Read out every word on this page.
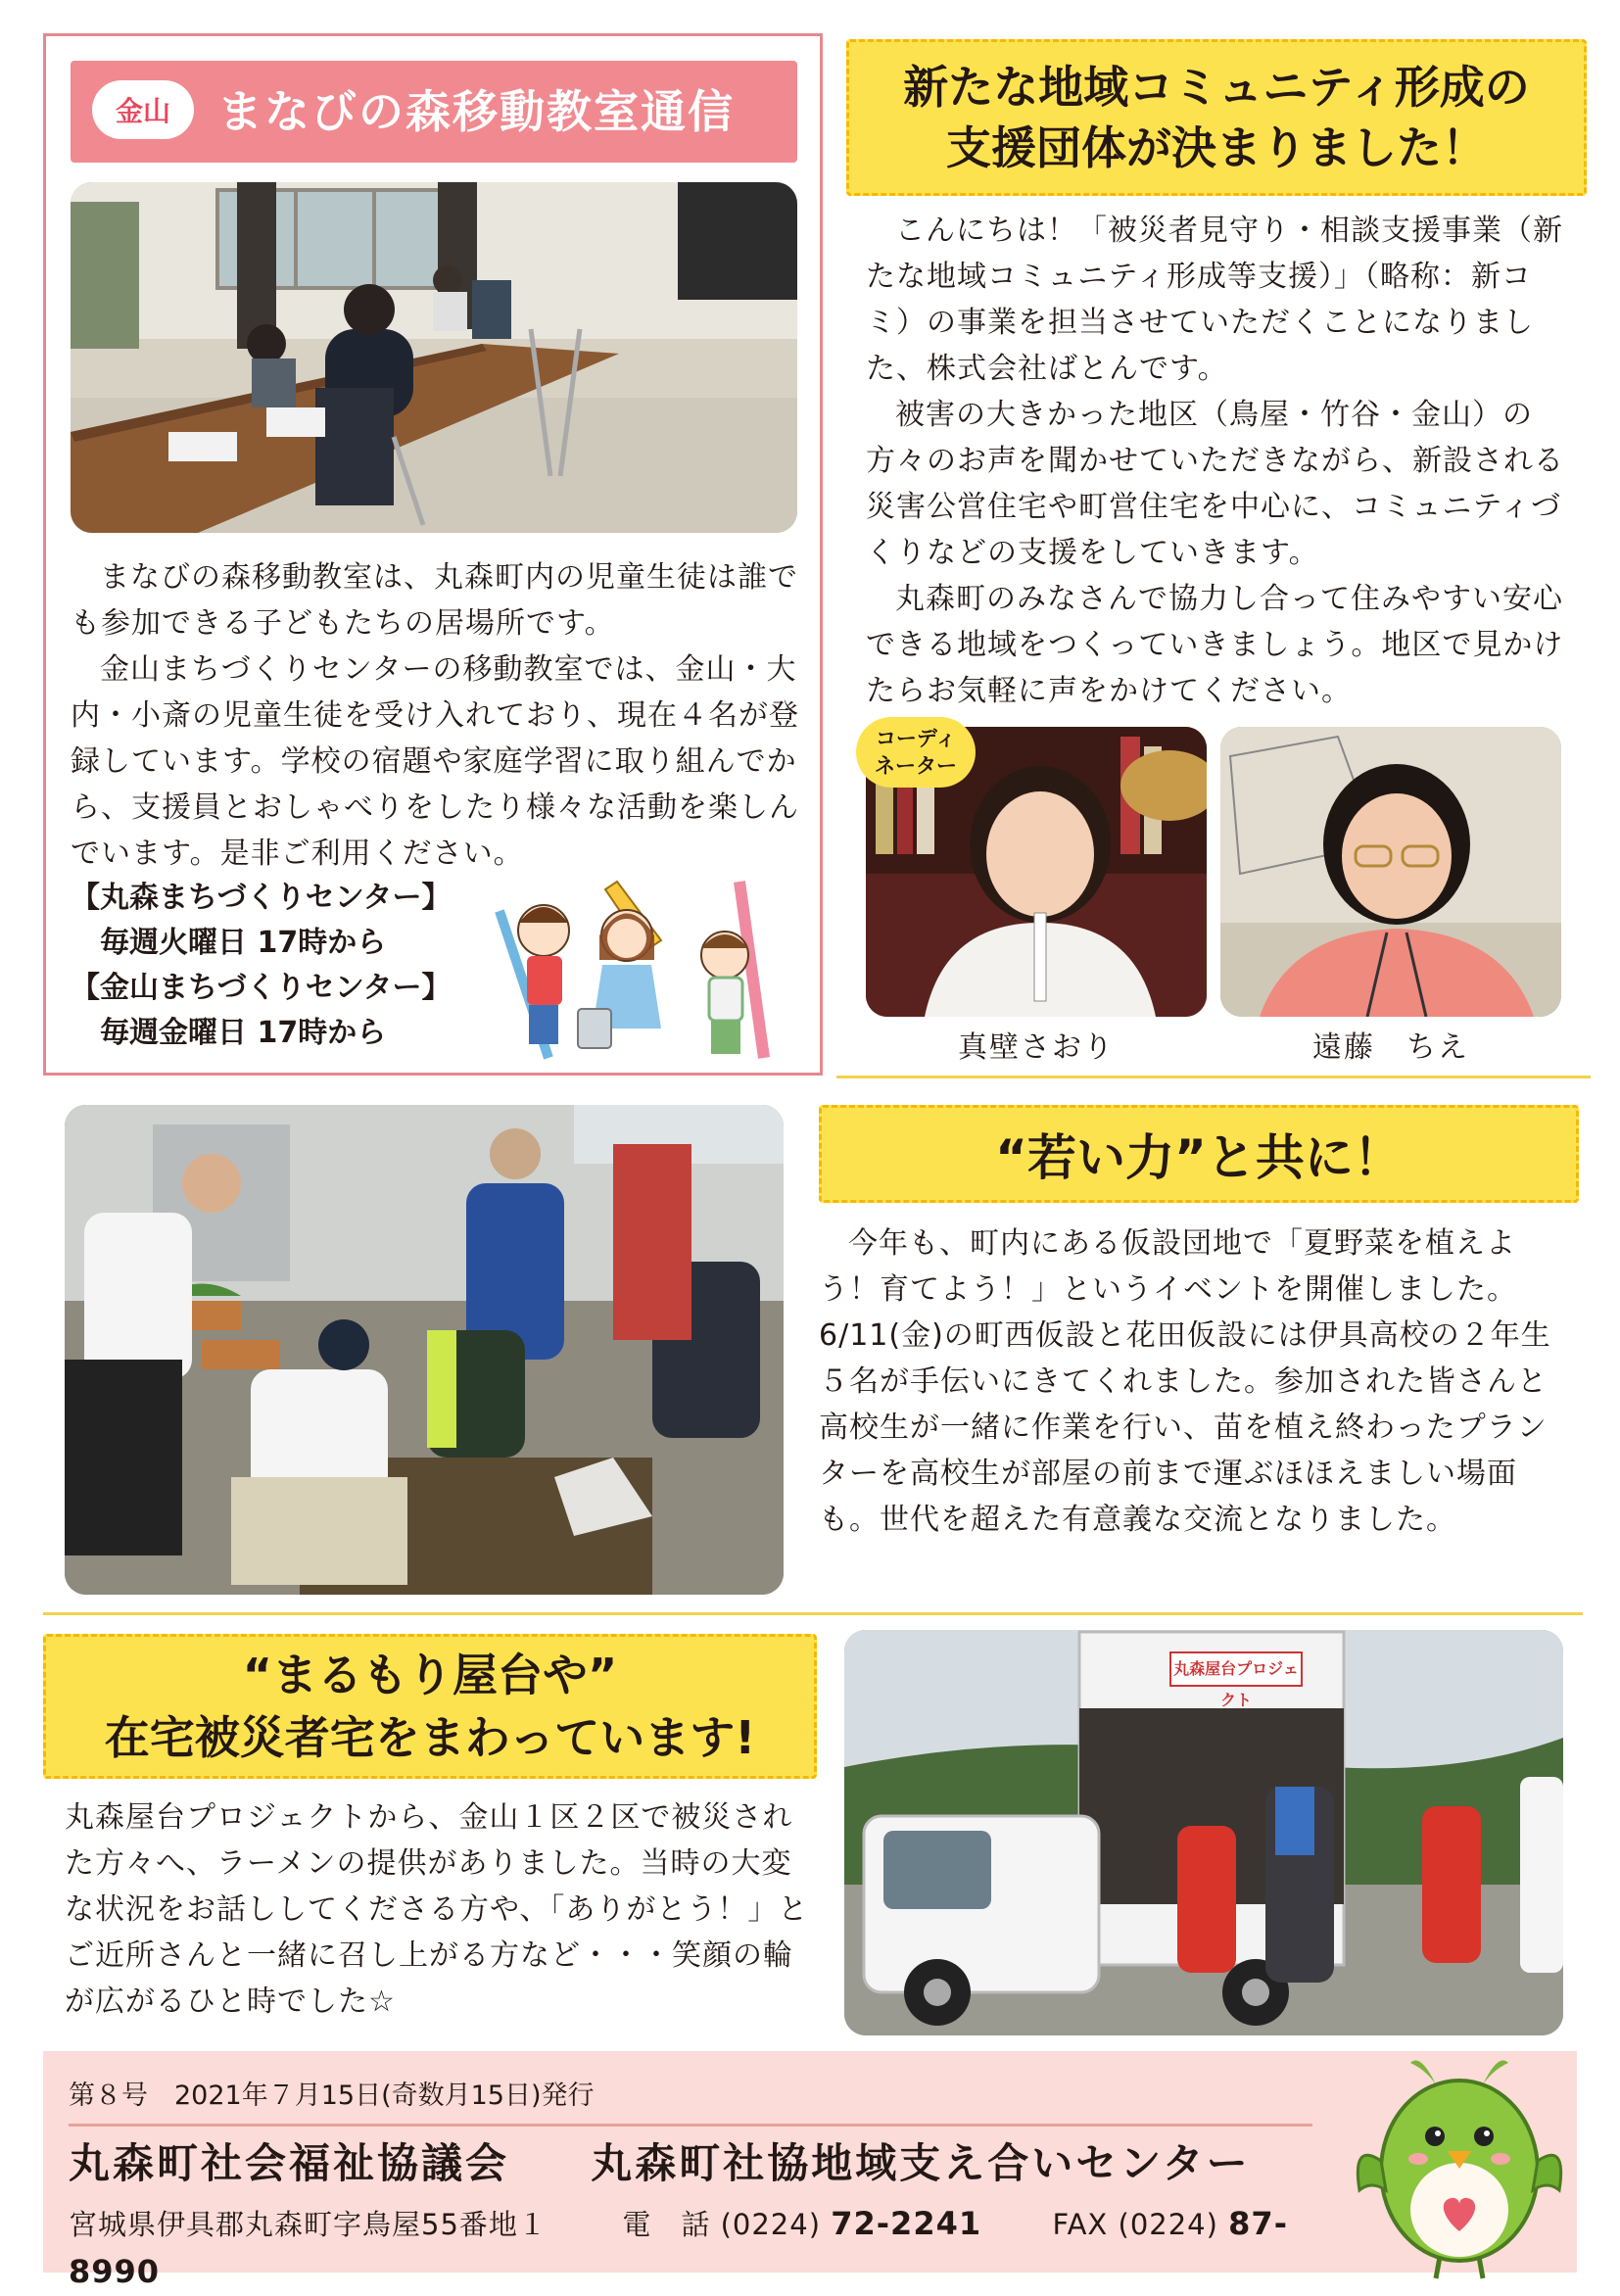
金山	まなびの森移動教室通信

まなびの森移動教室は、丸森町内の児童生徒は誰でも参加できる子どもたちの居場所です。

金山まちづくりセンターの移動教室では、金山・大内・小斎の児童生徒を受け入れており、現在４名が登録しています。学校の宿題や家庭学習に取り組んでから、支援員とおしゃべりをしたり様々な活動を楽しんでいます。是非ご利用ください。

【丸森まちづくりセンター】

毎週火曜日 17時から

【金山まちづくりセンター】

毎週金曜日 17時から

新たな地域コミュニティ形成の
支援団体が決まりました！

こんにちは！「被災者見守り・相談支援事業（新たな地域コミュニティ形成等支援）」（略称：新コミ）の事業を担当させていただくことになりました、株式会社ばとんです。

被害の大きかった地区（鳥屋・竹谷・金山）の方々のお声を聞かせていただきながら、新設される災害公営住宅や町営住宅を中心に、コミュニティづくりなどの支援をしていきます。

丸森町のみなさんで協力し合って住みやすい安心できる地域をつくっていきましょう。地区で見かけたらお気軽に声をかけてください。

コーディ
ネーター
真壁さおり	遠藤　ちえ
“若い力”と共に！

今年も、町内にある仮設団地で「夏野菜を植えよう！育てよう！」というイベントを開催しました。6/11(金)の町西仮設と花田仮設には伊具高校の２年生５名が手伝いにきてくれました。参加された皆さんと高校生が一緒に作業を行い、苗を植え終わったプランターを高校生が部屋の前まで運ぶほほえましい場面も。世代を超えた有意義な交流となりました。

“まるもり屋台や”
在宅被災者宅をまわっています!

丸森屋台プロジェクトから、金山１区２区で被災された方々へ、ラーメンの提供がありました。当時の大変な状況をお話ししてくださる方や、「ありがとう！」とご近所さんと一緒に召し上がる方など・・・笑顔の輪が広がるひと時でした☆

丸森屋台プロジェクト
第８号　2021年７月15日(奇数月15日)発行
丸森町社会福祉協議会 丸森町社協地域支え合いセンター
宮城県伊具郡丸森町字鳥屋55番地１	電　話 (0224) 72-2241 FAX (0224) 87-8990
